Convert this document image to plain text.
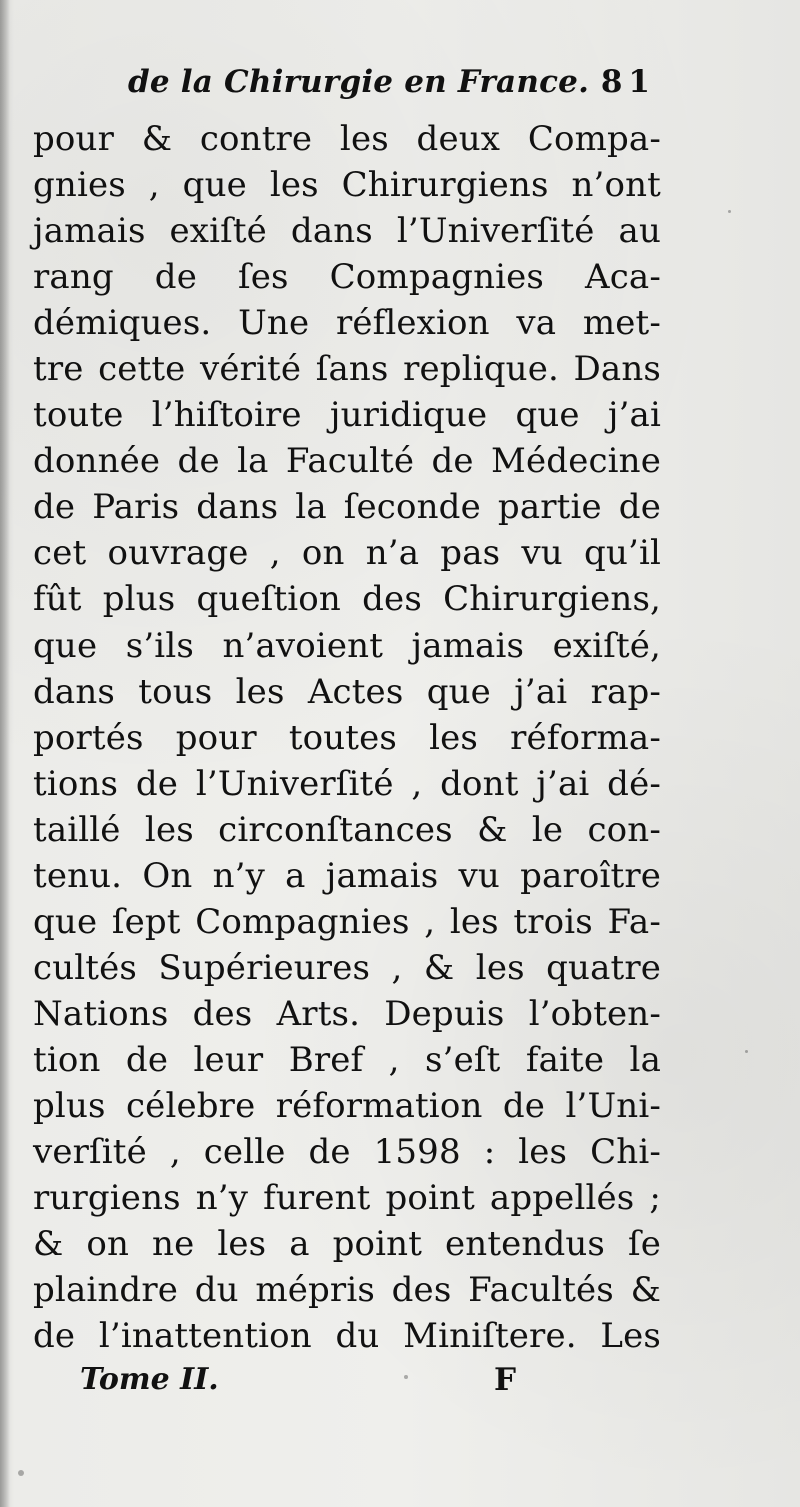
de la Chirurgie en France. 81
pour & contre les deux Compa-
gnies , que les Chirurgiens n’ont
jamais exiſté dans l’Univerſité au
rang de ſes Compagnies Aca-
démiques. Une réflexion va met-
tre cette vérité ſans replique. Dans
toute l’hiſtoire juridique que j’ai
donnée de la Faculté de Médecine
de Paris dans la ſeconde partie de
cet ouvrage , on n’a pas vu qu’il
fût plus queſtion des Chirurgiens,
que s’ils n’avoient jamais exiſté,
dans tous les Actes que j’ai rap-
portés pour toutes les réforma-
tions de l’Univerſité , dont j’ai dé-
taillé les circonſtances & le con-
tenu. On n’y a jamais vu paroître
que ſept Compagnies , les trois Fa-
cultés Supérieures , & les quatre
Nations des Arts. Depuis l’obten-
tion de leur Bref , s’eſt faite la
plus célebre réformation de l’Uni-
verſité , celle de 1598 : les Chi-
rurgiens n’y furent point appellés ;
& on ne les a point entendus ſe
plaindre du mépris des Facultés &
de l’inattention du Miniſtere. Les
Tome II.	F
